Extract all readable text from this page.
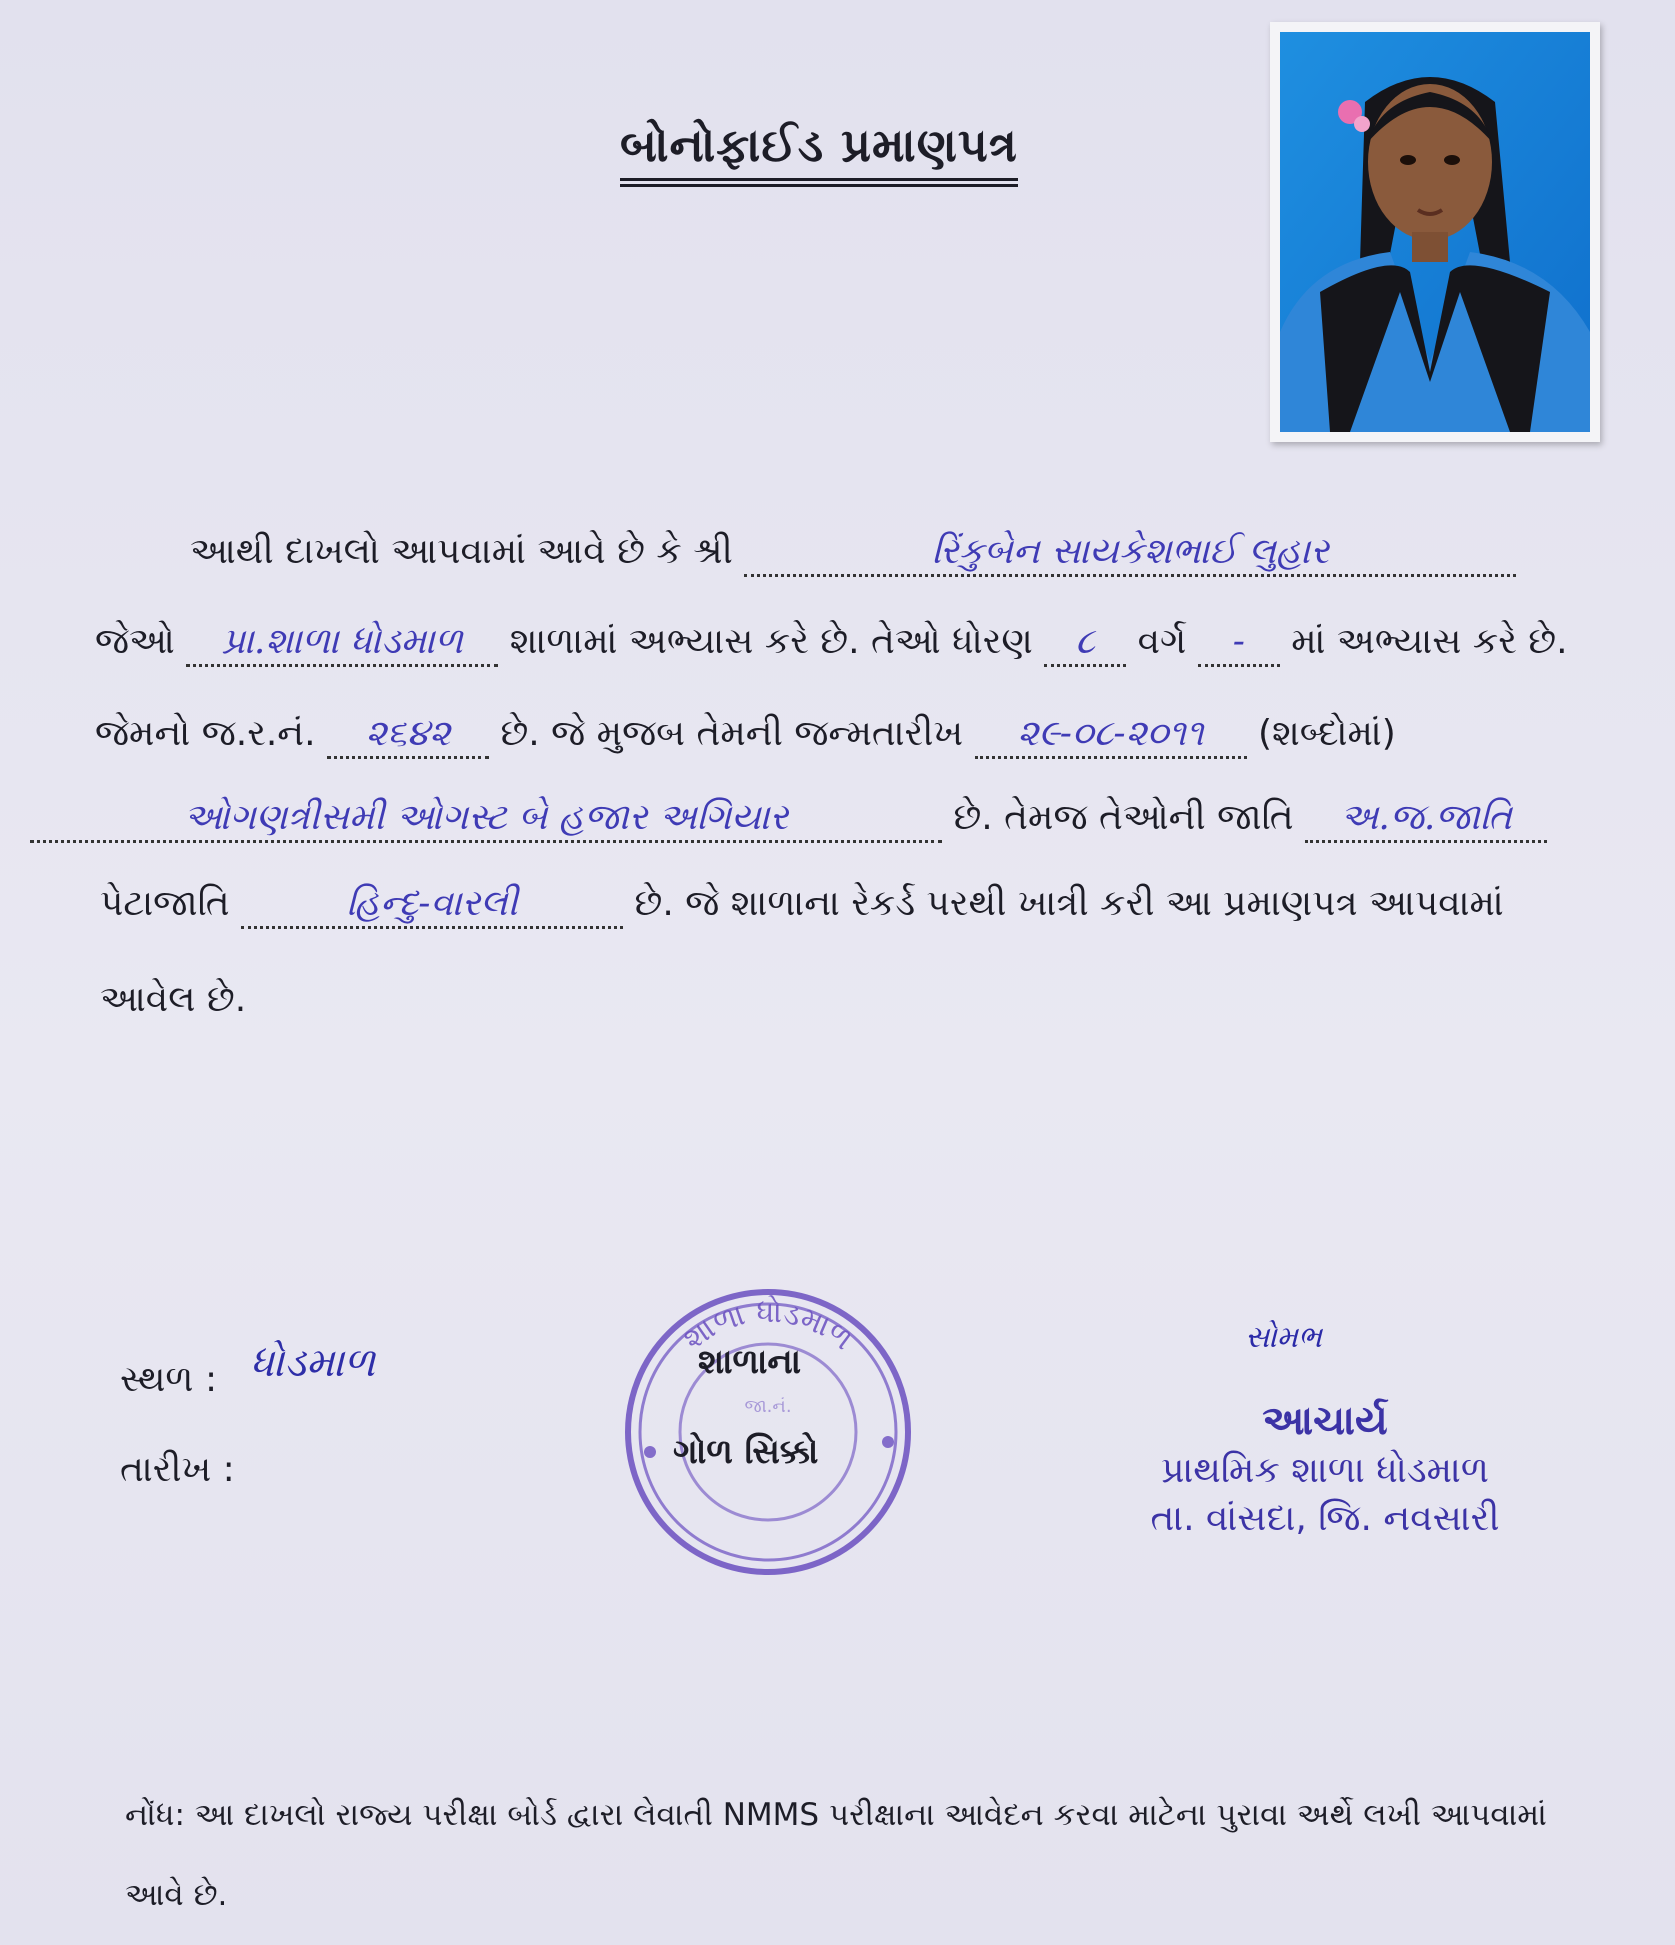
બોનોફાઈડ પ્રમાણપત્ર
આથી દાખલો આપવામાં આવે છે કે શ્રી	રિંકુબેન સાયકેશભાઈ લુહાર
જેઓ પ્રા.શાળા ધોડમાળ શાળામાં અભ્યાસ કરે છે. તેઓ ધોરણ ૮ વર્ગ - માં અભ્યાસ કરે છે.
જેમનો જ.ર.નં. ૨૬૪૨ છે. જે મુજબ તેમની જન્મતારીખ ૨૯-૦૮-૨૦૧૧ (શબ્દોમાં)
ઓગણત્રીસમી ઓગસ્ટ બે હજાર અગિયાર	છે. તેમજ તેઓની જાતિ અ.જ.જાતિ
પેટાજાતિ	હિન્દુ-વારલી	છે. જે શાળાના રેકર્ડ પરથી ખાત્રી કરી આ પ્રમાણપત્ર આપવામાં
આવેલ છે.
સ્થળ : ધોડમાળ
તારીખ :
શાળા ધોડમાળ
જા.નં.
શાળાના
ગોળ સિક્કો
સોમભ
આચાર્ય
પ્રાથમિક શાળા ધોડમાળ
તા. વાંસદા, જિ. નવસારી
નોંધ: આ દાખલો રાજ્ય પરીક્ષા બોર્ડ દ્વારા લેવાતી NMMS પરીક્ષાના આવેદન કરવા માટેના પુરાવા અર્થે લખી આપવામાં આવે છે.
